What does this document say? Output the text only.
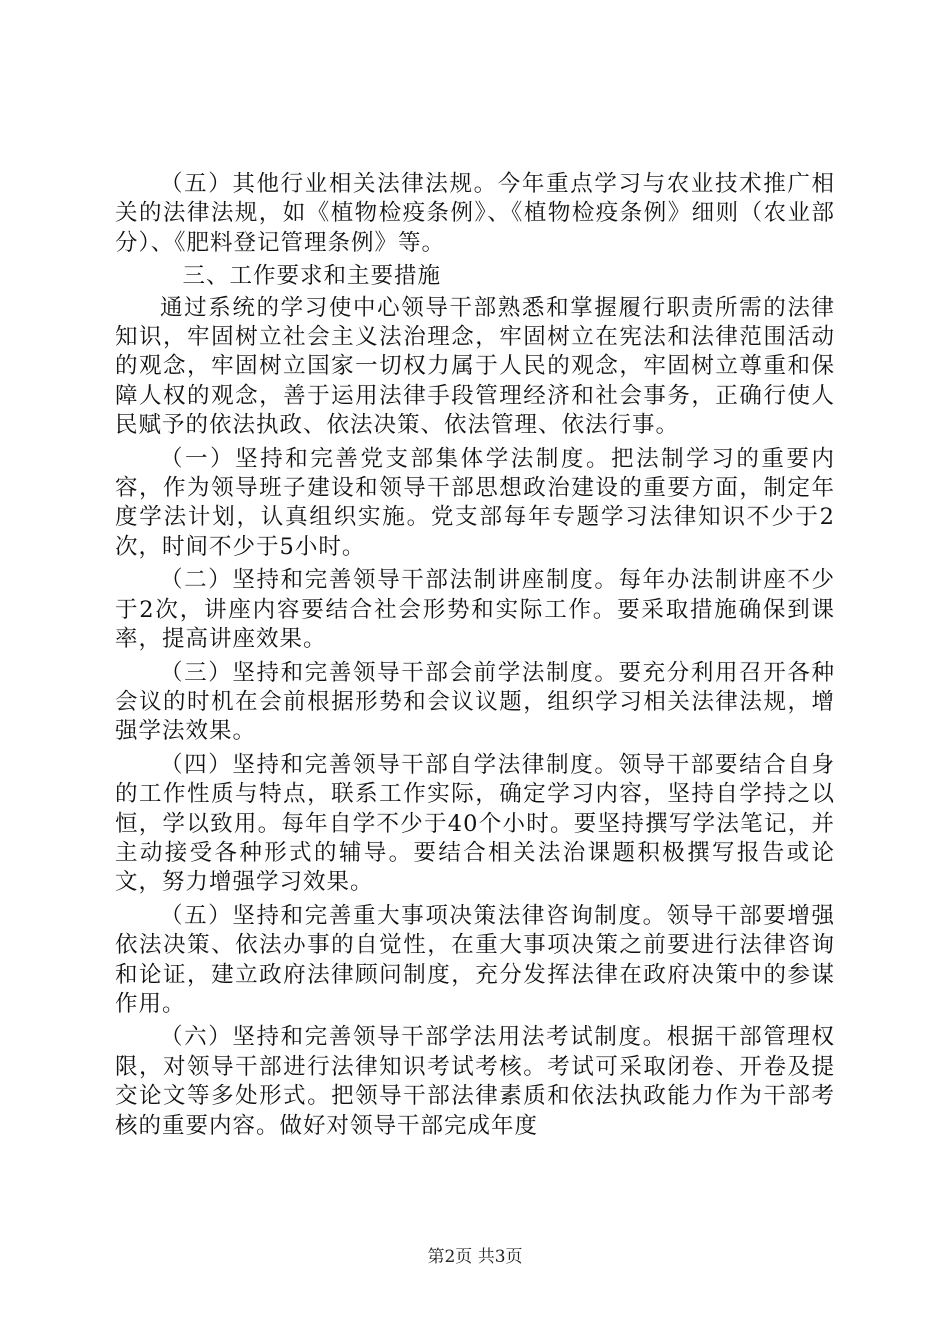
（五）其他行业相关法律法规。今年重点学习与农业技术推广相关的法律法规，如《植物检疫条例》、《植物检疫条例》细则（农业部分）、《肥料登记管理条例》等。

三、工作要求和主要措施

通过系统的学习使中心领导干部熟悉和掌握履行职责所需的法律知识，牢固树立社会主义法治理念，牢固树立在宪法和法律范围活动的观念，牢固树立国家一切权力属于人民的观念，牢固树立尊重和保障人权的观念，善于运用法律手段管理经济和社会事务，正确行使人民赋予的依法执政、依法决策、依法管理、依法行事。

（一）坚持和完善党支部集体学法制度。把法制学习的重要内容，作为领导班子建设和领导干部思想政治建设的重要方面，制定年度学法计划，认真组织实施。党支部每年专题学习法律知识不少于2次，时间不少于5小时。

（二）坚持和完善领导干部法制讲座制度。每年办法制讲座不少于2次，讲座内容要结合社会形势和实际工作。要采取措施确保到课率，提高讲座效果。

（三）坚持和完善领导干部会前学法制度。要充分利用召开各种会议的时机在会前根据形势和会议议题，组织学习相关法律法规，增强学法效果。

（四）坚持和完善领导干部自学法律制度。领导干部要结合自身的工作性质与特点，联系工作实际，确定学习内容，坚持自学持之以恒，学以致用。每年自学不少于40个小时。要坚持撰写学法笔记，并主动接受各种形式的辅导。要结合相关法治课题积极撰写报告或论文，努力增强学习效果。

（五）坚持和完善重大事项决策法律咨询制度。领导干部要增强依法决策、依法办事的自觉性，在重大事项决策之前要进行法律咨询和论证，建立政府法律顾问制度，充分发挥法律在政府决策中的参谋作用。

（六）坚持和完善领导干部学法用法考试制度。根据干部管理权限，对领导干部进行法律知识考试考核。考试可采取闭卷、开卷及提交论文等多处形式。把领导干部法律素质和依法执政能力作为干部考核的重要内容。做好对领导干部完成年度

第2页 共3页
